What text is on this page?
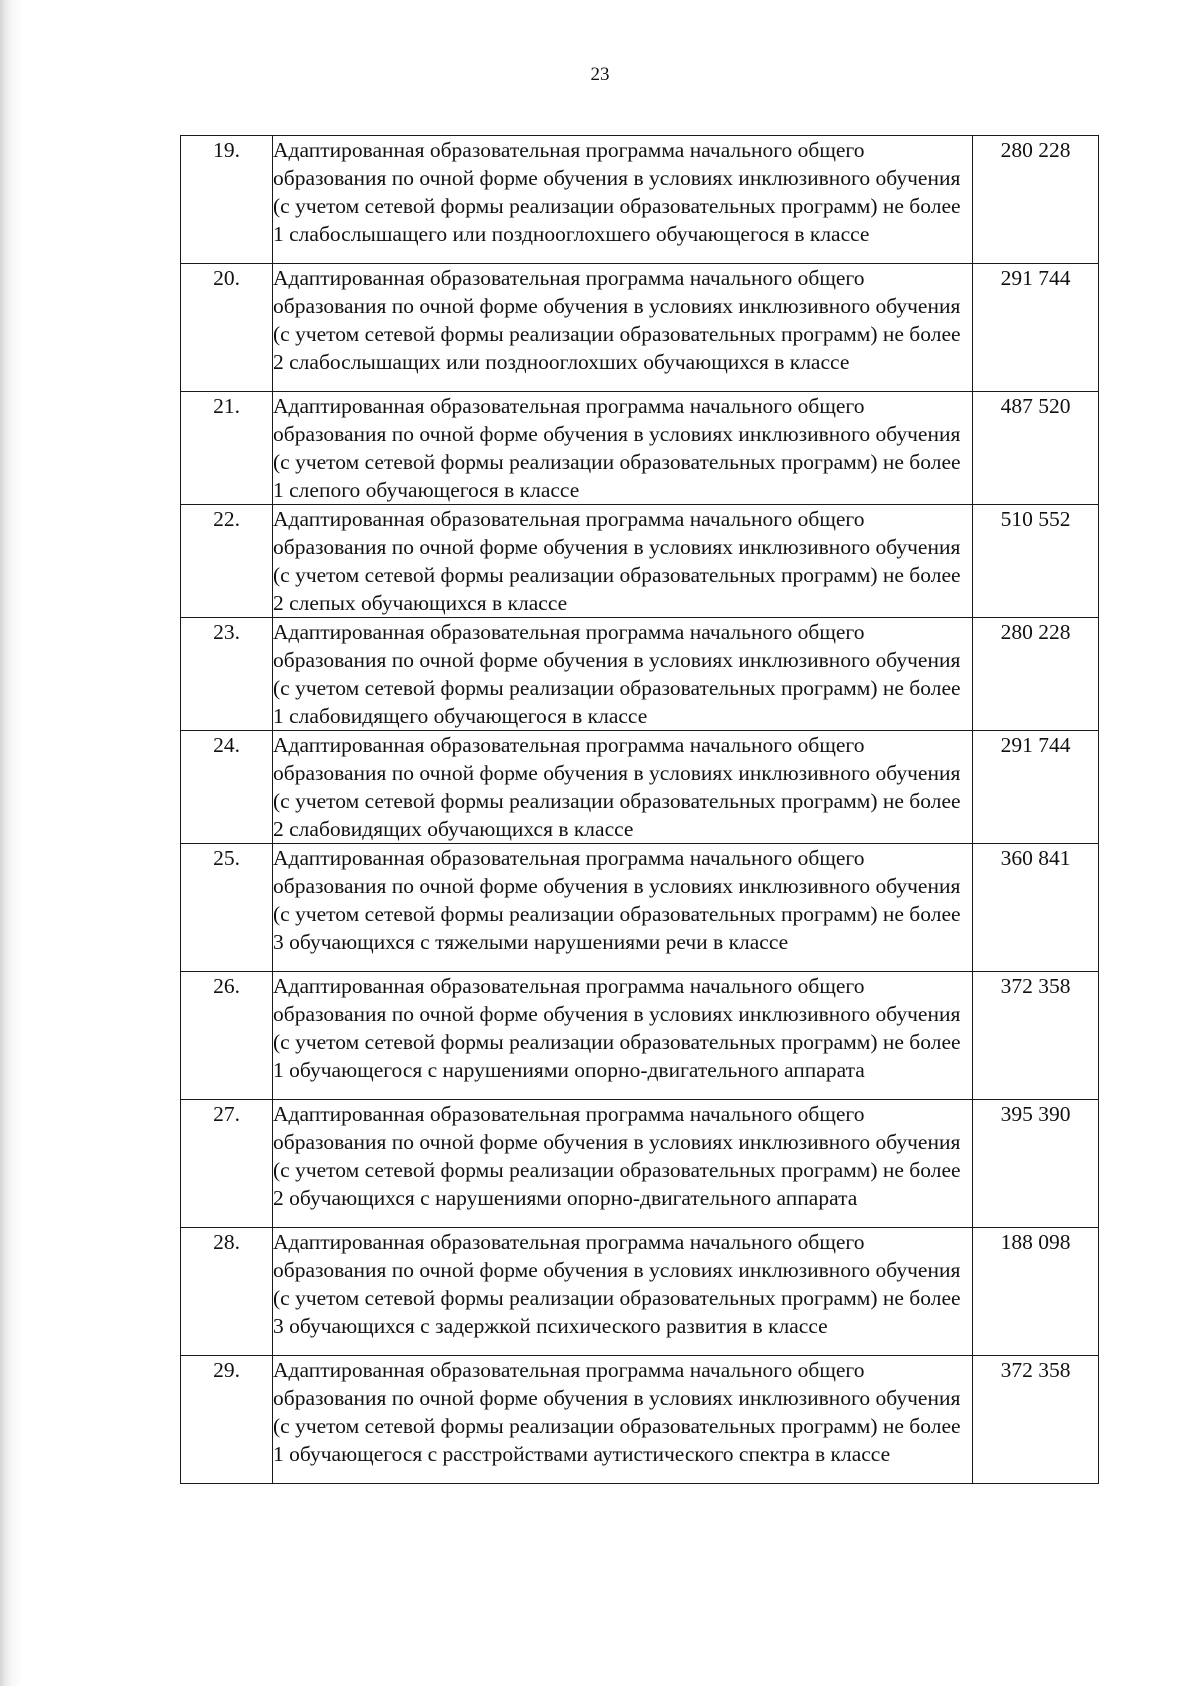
23
19.	Адаптированная образовательная программа начального общего образования по очной форме обучения в условиях инклюзивного обучения (с учетом сетевой формы реализации образовательных программ) не более 1 слабослышащего или позднооглохшего обучающегося в классе	280 228
20.	Адаптированная образовательная программа начального общего образования по очной форме обучения в условиях инклюзивного обучения (с учетом сетевой формы реализации образовательных программ) не более 2 слабослышащих или позднооглохших обучающихся в классе	291 744
21.	Адаптированная образовательная программа начального общего образования по очной форме обучения в условиях инклюзивного обучения (с учетом сетевой формы реализации образовательных программ) не более 1 слепого обучающегося в классе	487 520
22.	Адаптированная образовательная программа начального общего образования по очной форме обучения в условиях инклюзивного обучения (с учетом сетевой формы реализации образовательных программ) не более 2 слепых обучающихся в классе	510 552
23.	Адаптированная образовательная программа начального общего образования по очной форме обучения в условиях инклюзивного обучения (с учетом сетевой формы реализации образовательных программ) не более 1 слабовидящего обучающегося в классе	280 228
24.	Адаптированная образовательная программа начального общего образования по очной форме обучения в условиях инклюзивного обучения (с учетом сетевой формы реализации образовательных программ) не более 2 слабовидящих обучающихся в классе	291 744
25.	Адаптированная образовательная программа начального общего образования по очной форме обучения в условиях инклюзивного обучения (с учетом сетевой формы реализации образовательных программ) не более 3 обучающихся с тяжелыми нарушениями речи в классе	360 841
26.	Адаптированная образовательная программа начального общего образования по очной форме обучения в условиях инклюзивного обучения (с учетом сетевой формы реализации образовательных программ) не более 1 обучающегося с нарушениями опорно-двигательного аппарата	372 358
27.	Адаптированная образовательная программа начального общего образования по очной форме обучения в условиях инклюзивного обучения (с учетом сетевой формы реализации образовательных программ) не более 2 обучающихся с нарушениями опорно-двигательного аппарата	395 390
28.	Адаптированная образовательная программа начального общего образования по очной форме обучения в условиях инклюзивного обучения (с учетом сетевой формы реализации образовательных программ) не более 3 обучающихся с задержкой психического развития в классе	188 098
29.	Адаптированная образовательная программа начального общего образования по очной форме обучения в условиях инклюзивного обучения (с учетом сетевой формы реализации образовательных программ) не более 1 обучающегося с расстройствами аутистического спектра в классе	372 358
